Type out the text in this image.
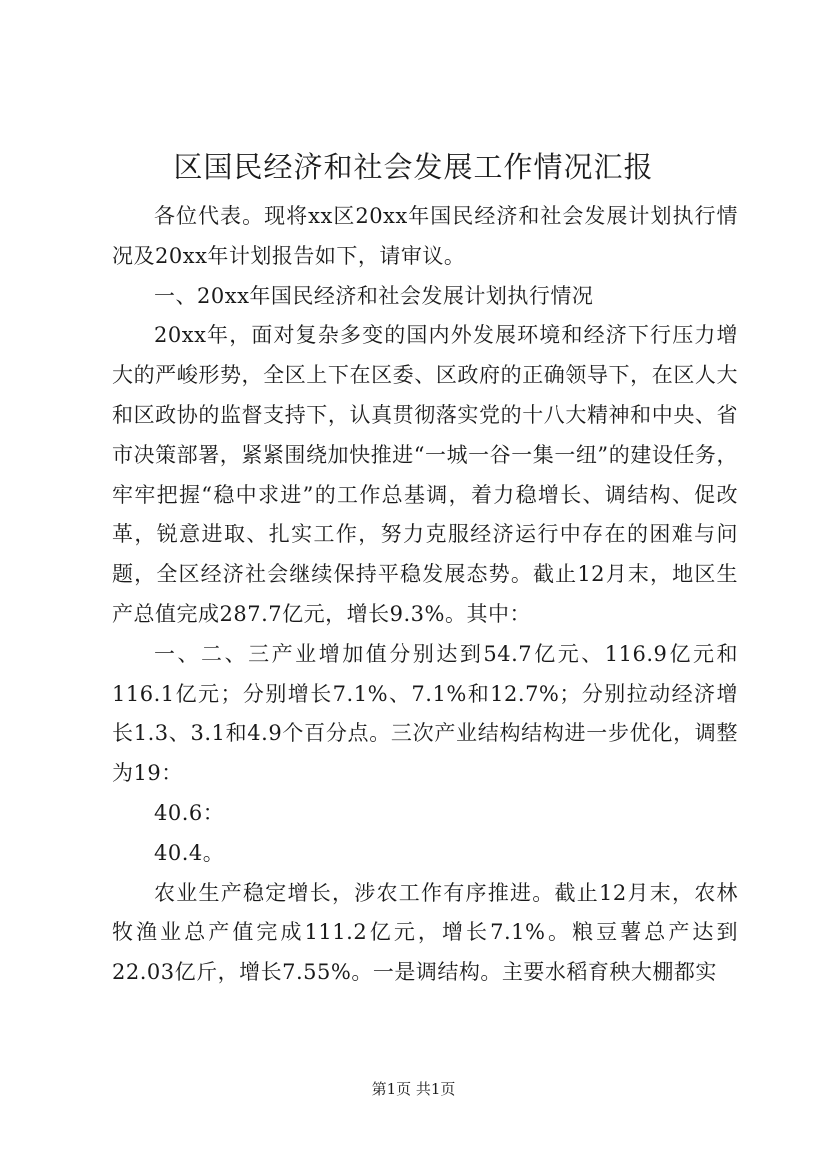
区国民经济和社会发展工作情况汇报

各位代表。现将xx区20xx年国民经济和社会发展计划执行情况及20xx年计划报告如下，请审议。

一、20xx年国民经济和社会发展计划执行情况

20xx年，面对复杂多变的国内外发展环境和经济下行压力增大的严峻形势，全区上下在区委、区政府的正确领导下，在区人大和区政协的监督支持下，认真贯彻落实党的十八大精神和中央、省市决策部署，紧紧围绕加快推进“一城一谷一集一纽”的建设任务，牢牢把握“稳中求进”的工作总基调，着力稳增长、调结构、促改革，锐意进取、扎实工作，努力克服经济运行中存在的困难与问题，全区经济社会继续保持平稳发展态势。截止12月末，地区生产总值完成287.7亿元，增长9.3%。其中：

一、二、三产业增加值分别达到54.7亿元、116.9亿元和116.1亿元；分别增长7.1%、7.1%和12.7%；分别拉动经济增长1.3、3.1和4.9个百分点。三次产业结构结构进一步优化，调整为19：

40.6：

40.4。

农业生产稳定增长，涉农工作有序推进。截止12月末，农林牧渔业总产值完成111.2亿元，增长7.1%。粮豆薯总产达到22.03亿斤，增长7.55%。一是调结构。主要水稻育秧大棚都实

第1页 共1页
